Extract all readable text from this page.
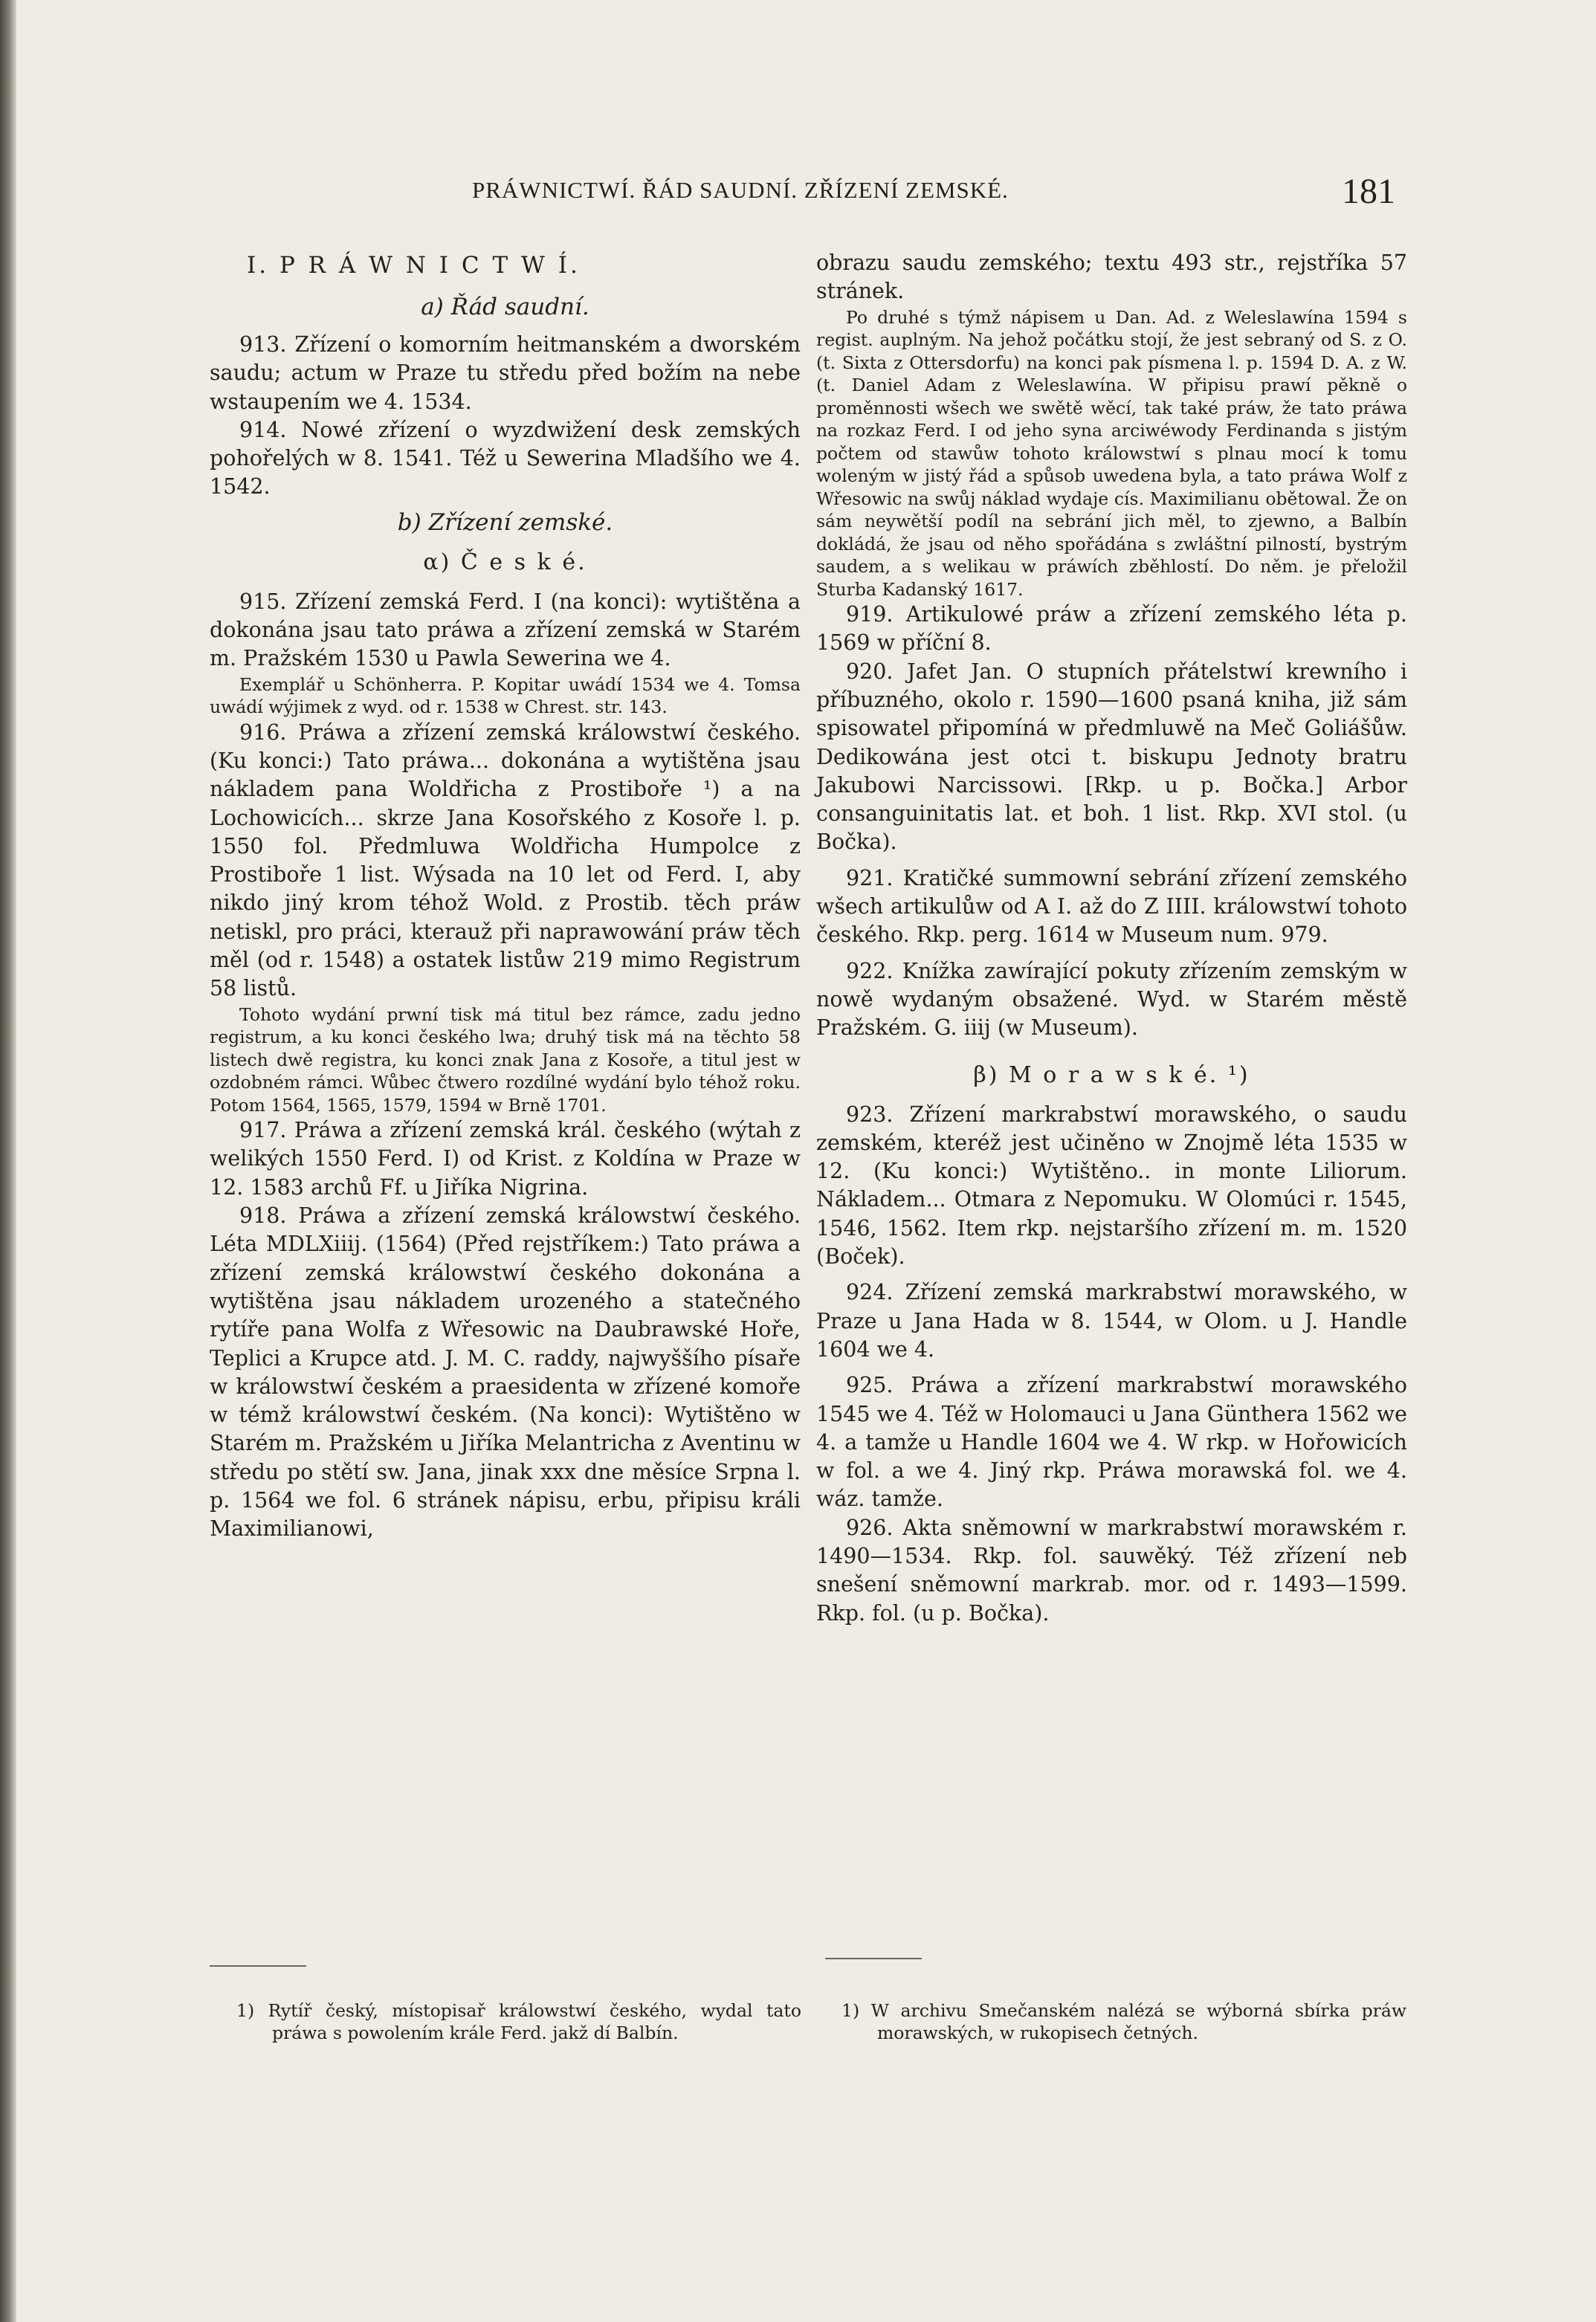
PRÁWNICTWÍ. ŘÁD SAUDNÍ. ZŘÍZENÍ ZEMSKÉ.	181
I. P R Á W N I C T W Í.
a) Řád saudní.

913. Zřízení o komorním heitmanském a dworském saudu; actum w Praze tu středu před božím na nebe wstaupením we 4. 1534.

914. Nowé zřízení o wyzdwižení desk zemských pohořelých w 8. 1541. Též u Sewerina Mladšího we 4. 1542.

b) Zřízení zemské.
α) Č e s k é.

915. Zřízení zemská Ferd. I (na konci): wytištěna a dokonána jsau tato práwa a zřízení zemská w Starém m. Pražském 1530 u Pawla Sewerina we 4.

Exemplář u Schönherra. P. Kopitar uwádí 1534 we 4. Tomsa uwádí wýjimek z wyd. od r. 1538 w Chrest. str. 143.

916. Práwa a zřízení zemská králowstwí českého. (Ku konci:) Tato práwa... dokonána a wytištěna jsau nákladem pana Woldřicha z Prostiboře ¹) a na Lochowicích... skrze Jana Kosořského z Kosoře l. p. 1550 fol. Předmluwa Woldřicha Humpolce z Prostiboře 1 list. Wýsada na 10 let od Ferd. I, aby nikdo jiný krom téhož Wold. z Prostib. těch práw netiskl, pro práci, kterauž při naprawowání práw těch měl (od r. 1548) a ostatek listůw 219 mimo Registrum 58 listů.

Tohoto wydání prwní tisk má titul bez rámce, zadu jedno registrum, a ku konci českého lwa; druhý tisk má na těchto 58 listech dwě registra, ku konci znak Jana z Kosoře, a titul jest w ozdobném rámci. Wůbec čtwero rozdílné wydání bylo téhož roku. Potom 1564, 1565, 1579, 1594 w Brně 1701.

917. Práwa a zřízení zemská král. českého (wýtah z welikých 1550 Ferd. I) od Krist. z Koldína w Praze w 12. 1583 archů Ff. u Jiříka Nigrina.

918. Práwa a zřízení zemská králowstwí českého. Léta MDLXiiij. (1564) (Před rejstříkem:) Tato práwa a zřízení zemská králowstwí českého dokonána a wytištěna jsau nákladem urozeného a statečného rytíře pana Wolfa z Wřesowic na Daubrawské Hoře, Teplici a Krupce atd. J. M. C. raddy, najwyššího písaře w králowstwí českém a praesidenta w zřízené komoře w témž králowstwí českém. (Na konci): Wytištěno w Starém m. Pražském u Jiříka Melantricha z Aventinu w středu po stětí sw. Jana, jinak xxx dne měsíce Srpna l. p. 1564 we fol. 6 stránek nápisu, erbu, připisu králi Maximilianowi,

obrazu saudu zemského; textu 493 str., rejstříka 57 stránek.

Po druhé s týmž nápisem u Dan. Ad. z Weleslawína 1594 s regist. auplným. Na jehož počátku stojí, že jest sebraný od S. z O. (t. Sixta z Ottersdorfu) na konci pak písmena l. p. 1594 D. A. z W. (t. Daniel Adam z Weleslawína. W připisu prawí pěkně o proměnnosti wšech we swětě wěcí, tak také práw, že tato práwa na rozkaz Ferd. I od jeho syna arciwéwody Ferdinanda s jistým počtem od stawůw tohoto králowstwí s plnau mocí k tomu woleným w jistý řád a spůsob uwedena byla, a tato práwa Wolf z Wřesowic na swůj náklad wydaje cís. Maximilianu obětowal. Že on sám neywětší podíl na sebrání jich měl, to zjewno, a Balbín dokládá, že jsau od něho spořádána s zwláštní pilností, bystrým saudem, a s welikau w práwích zběhlostí. Do něm. je přeložil Sturba Kadanský 1617.

919. Artikulowé práw a zřízení zemského léta p. 1569 w příční 8.

920. Jafet Jan. O stupních přátelstwí krewního i příbuzného, okolo r. 1590—1600 psaná kniha, již sám spisowatel připomíná w předmluwě na Meč Goliášůw. Dedikowána jest otci t. biskupu Jednoty bratru Jakubowi Narcissowi. [Rkp. u p. Bočka.] Arbor consanguinitatis lat. et boh. 1 list. Rkp. XVI stol. (u Bočka).

921. Kratičké summowní sebrání zřízení zemského wšech artikulůw od A I. až do Z IIII. králowstwí tohoto českého. Rkp. perg. 1614 w Museum num. 979.

922. Knížka zawírající pokuty zřízením zemským w nowě wydaným obsažené. Wyd. w Starém městě Pražském. G. iiij (w Museum).

β) M o r a w s k é. ¹)

923. Zřízení markrabstwí morawského, o saudu zemském, kteréž jest učiněno w Znojmě léta 1535 w 12. (Ku konci:) Wytištěno.. in monte Liliorum. Nákladem... Otmara z Nepomuku. W Olomúci r. 1545, 1546, 1562. Item rkp. nejstaršího zřízení m. m. 1520 (Boček).

924. Zřízení zemská markrabstwí morawského, w Praze u Jana Hada w 8. 1544, w Olom. u J. Handle 1604 we 4.

925. Práwa a zřízení markrabstwí morawského 1545 we 4. Též w Holomauci u Jana Günthera 1562 we 4. a tamže u Handle 1604 we 4. W rkp. w Hořowicích w fol. a we 4. Jiný rkp. Práwa morawská fol. we 4. wáz. tamže.

926. Akta sněmowní w markrabstwí morawském r. 1490—1534. Rkp. fol. sauwěký. Též zřízení neb snešení sněmowní markrab. mor. od r. 1493—1599. Rkp. fol. (u p. Bočka).

1) Rytíř český, místopisař králowstwí českého, wydal tato práwa s powolením krále Ferd. jakž dí Balbín.

1) W archivu Smečanském nalézá se wýborná sbírka práw morawských, w rukopisech četných.
